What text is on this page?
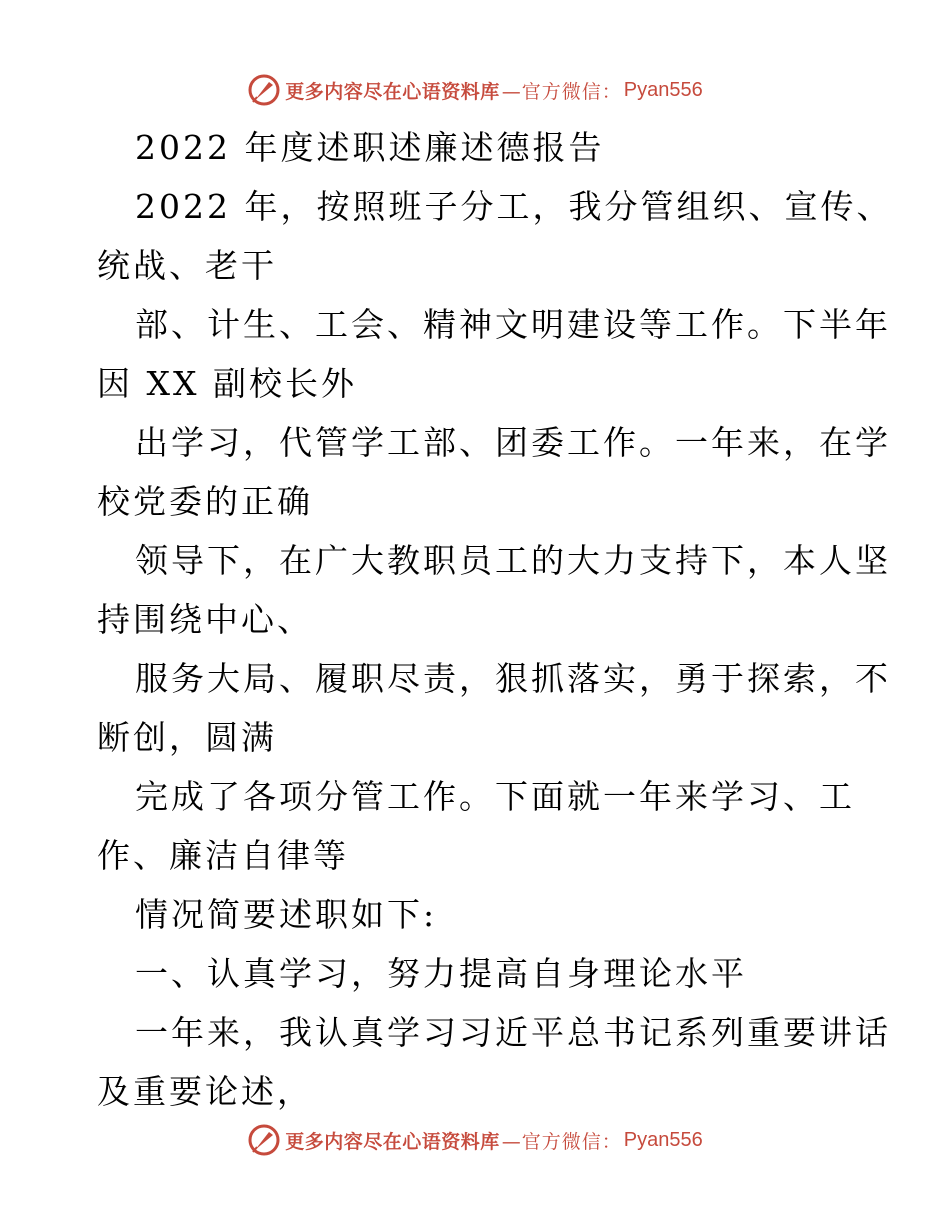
更多内容尽在心语资料库 —官方微信： Pyan556
2022 年度述职述廉述德报告
2022 年，按照班子分工，我分管组织、宣传、
统战、老干
部、计生、工会、精神文明建设等工作。下半年
因 XX 副校长外
出学习，代管学工部、团委工作。一年来，在学
校党委的正确
领导下，在广大教职员工的大力支持下，本人坚
持围绕中心、
服务大局、履职尽责，狠抓落实，勇于探索，不
断创，圆满
完成了各项分管工作。下面就一年来学习、工
作、廉洁自律等
情况简要述职如下:
一、认真学习，努力提高自身理论水平
一年来，我认真学习习近平总书记系列重要讲话
及重要论述，
更多内容尽在心语资料库 —官方微信： Pyan556
